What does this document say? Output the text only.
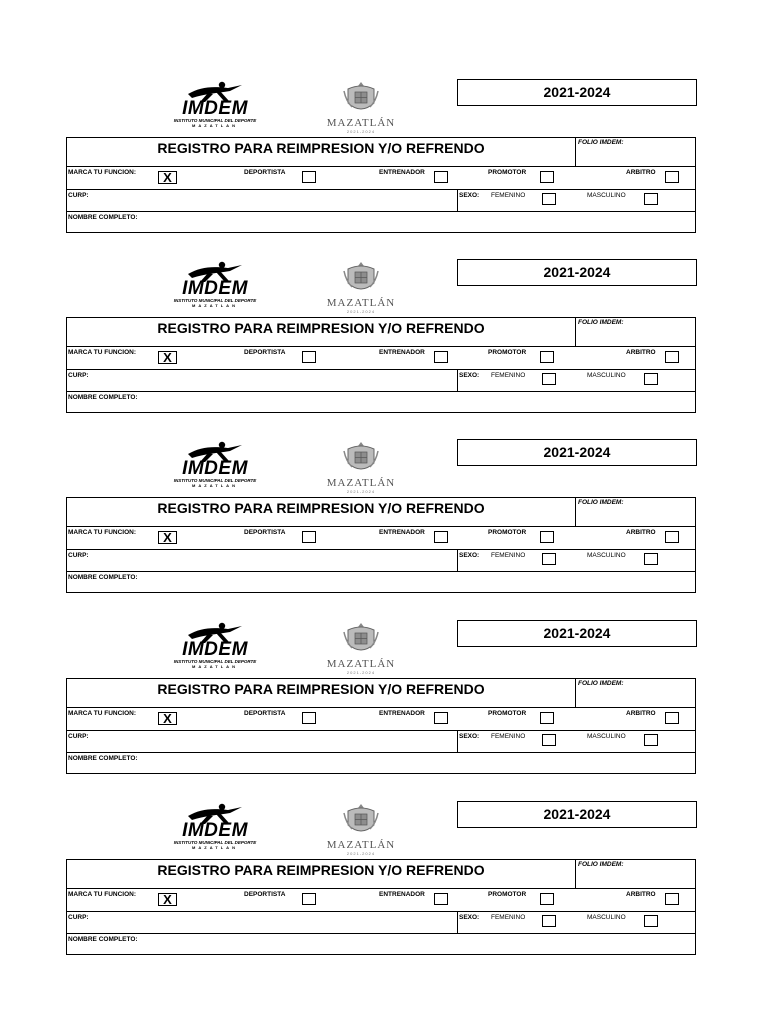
IMDEM
INSTITUTO MUNICIPAL DEL DEPORTE
MAZATLAN	MAZATLÁN
2021-2024
2021-2024
REGISTRO PARA REIMPRESION Y/O REFRENDO	FOLIO IMDEM:
MARCA TU FUNCION:	X	DEPORTISTA	ENTRENADOR	PROMOTOR	ARBITRO
CURP:	SEXO: FEMENINO	MASCULINO
NOMBRE COMPLETO:
IMDEM
INSTITUTO MUNICIPAL DEL DEPORTE
MAZATLAN	MAZATLÁN
2021-2024
2021-2024
REGISTRO PARA REIMPRESION Y/O REFRENDO	FOLIO IMDEM:
MARCA TU FUNCION:	X	DEPORTISTA	ENTRENADOR	PROMOTOR	ARBITRO
CURP:	SEXO: FEMENINO	MASCULINO
NOMBRE COMPLETO:
IMDEM
INSTITUTO MUNICIPAL DEL DEPORTE
MAZATLAN	MAZATLÁN
2021-2024
2021-2024
REGISTRO PARA REIMPRESION Y/O REFRENDO	FOLIO IMDEM:
MARCA TU FUNCION:	X	DEPORTISTA	ENTRENADOR	PROMOTOR	ARBITRO
CURP:	SEXO: FEMENINO	MASCULINO
NOMBRE COMPLETO:
IMDEM
INSTITUTO MUNICIPAL DEL DEPORTE
MAZATLAN	MAZATLÁN
2021-2024
2021-2024
REGISTRO PARA REIMPRESION Y/O REFRENDO	FOLIO IMDEM:
MARCA TU FUNCION:	X	DEPORTISTA	ENTRENADOR	PROMOTOR	ARBITRO
CURP:	SEXO: FEMENINO	MASCULINO
NOMBRE COMPLETO:
IMDEM
INSTITUTO MUNICIPAL DEL DEPORTE
MAZATLAN	MAZATLÁN
2021-2024
2021-2024
REGISTRO PARA REIMPRESION Y/O REFRENDO	FOLIO IMDEM:
MARCA TU FUNCION:	X	DEPORTISTA	ENTRENADOR	PROMOTOR	ARBITRO
CURP:	SEXO: FEMENINO	MASCULINO
NOMBRE COMPLETO:
